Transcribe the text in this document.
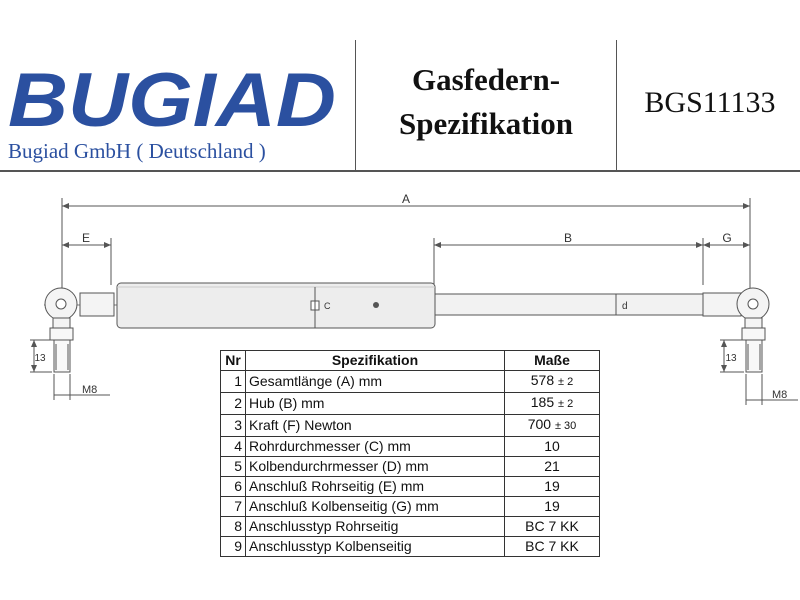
BUGIAD
Bugiad GmbH ( Deutschland )
Gasfedern-
Spezifikation
BGS11133
A
E	B	G
C	d
13
M8
13
M8
Nr	Spezifikation	Maße
1	Gesamtlänge (A) mm	578 ± 2
2	Hub (B) mm	185 ± 2
3	Kraft (F) Newton	700 ± 30
4	Rohrdurchmesser (C) mm	10
5	Kolbendurchrmesser (D) mm	21
6	Anschluß Rohrseitig (E) mm	19
7	Anschluß Kolbenseitig (G) mm	19
8	Anschlusstyp Rohrseitig	BC 7 KK
9	Anschlusstyp Kolbenseitig	BC 7 KK
